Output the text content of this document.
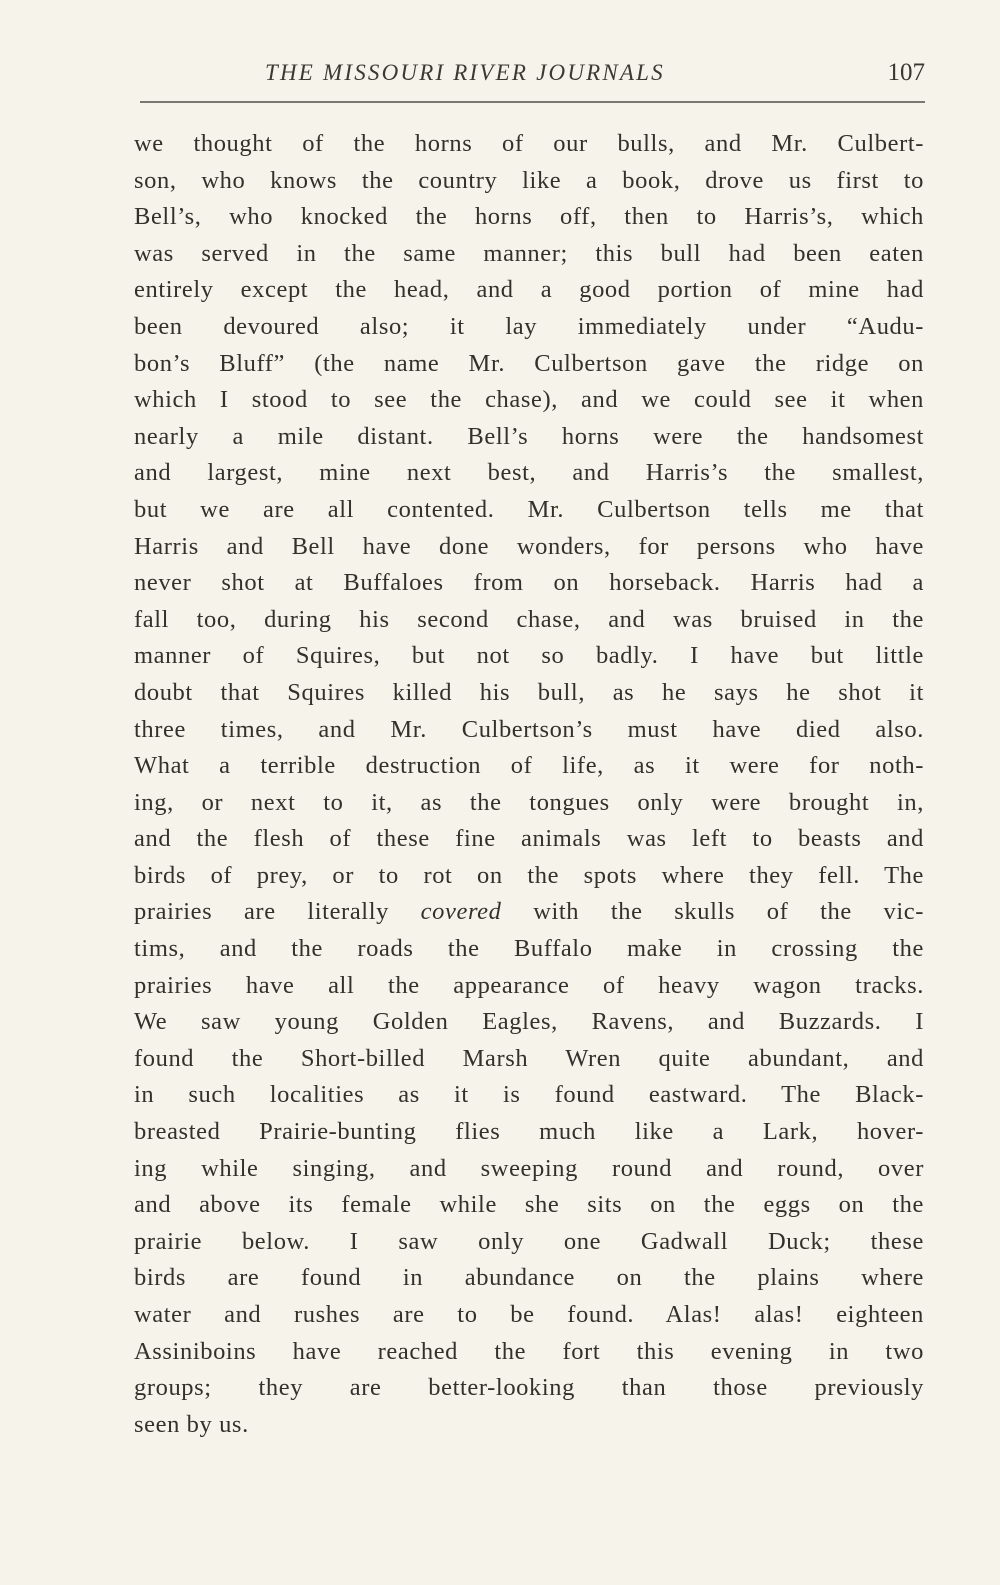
THE MISSOURI RIVER JOURNALS	107
we thought of the horns of our bulls, and Mr. Culbert-
son, who knows the country like a book, drove us first to
Bell’s, who knocked the horns off, then to Harris’s, which
was served in the same manner; this bull had been eaten
entirely except the head, and a good portion of mine had
been devoured also; it lay immediately under “Audu-
bon’s Bluff” (the name Mr. Culbertson gave the ridge on
which I stood to see the chase), and we could see it when
nearly a mile distant. Bell’s horns were the handsomest
and largest, mine next best, and Harris’s the smallest,
but we are all contented. Mr. Culbertson tells me that
Harris and Bell have done wonders, for persons who have
never shot at Buffaloes from on horseback. Harris had a
fall too, during his second chase, and was bruised in the
manner of Squires, but not so badly. I have but little
doubt that Squires killed his bull, as he says he shot it
three times, and Mr. Culbertson’s must have died also.
What a terrible destruction of life, as it were for noth-
ing, or next to it, as the tongues only were brought in,
and the flesh of these fine animals was left to beasts and
birds of prey, or to rot on the spots where they fell. The
prairies are literally covered with the skulls of the vic-
tims, and the roads the Buffalo make in crossing the
prairies have all the appearance of heavy wagon tracks.
We saw young Golden Eagles, Ravens, and Buzzards. I
found the Short-billed Marsh Wren quite abundant, and
in such localities as it is found eastward. The Black-
breasted Prairie-bunting flies much like a Lark, hover-
ing while singing, and sweeping round and round, over
and above its female while she sits on the eggs on the
prairie below. I saw only one Gadwall Duck; these
birds are found in abundance on the plains where
water and rushes are to be found. Alas! alas! eighteen
Assiniboins have reached the fort this evening in two
groups; they are better-looking than those previously
seen by us.
